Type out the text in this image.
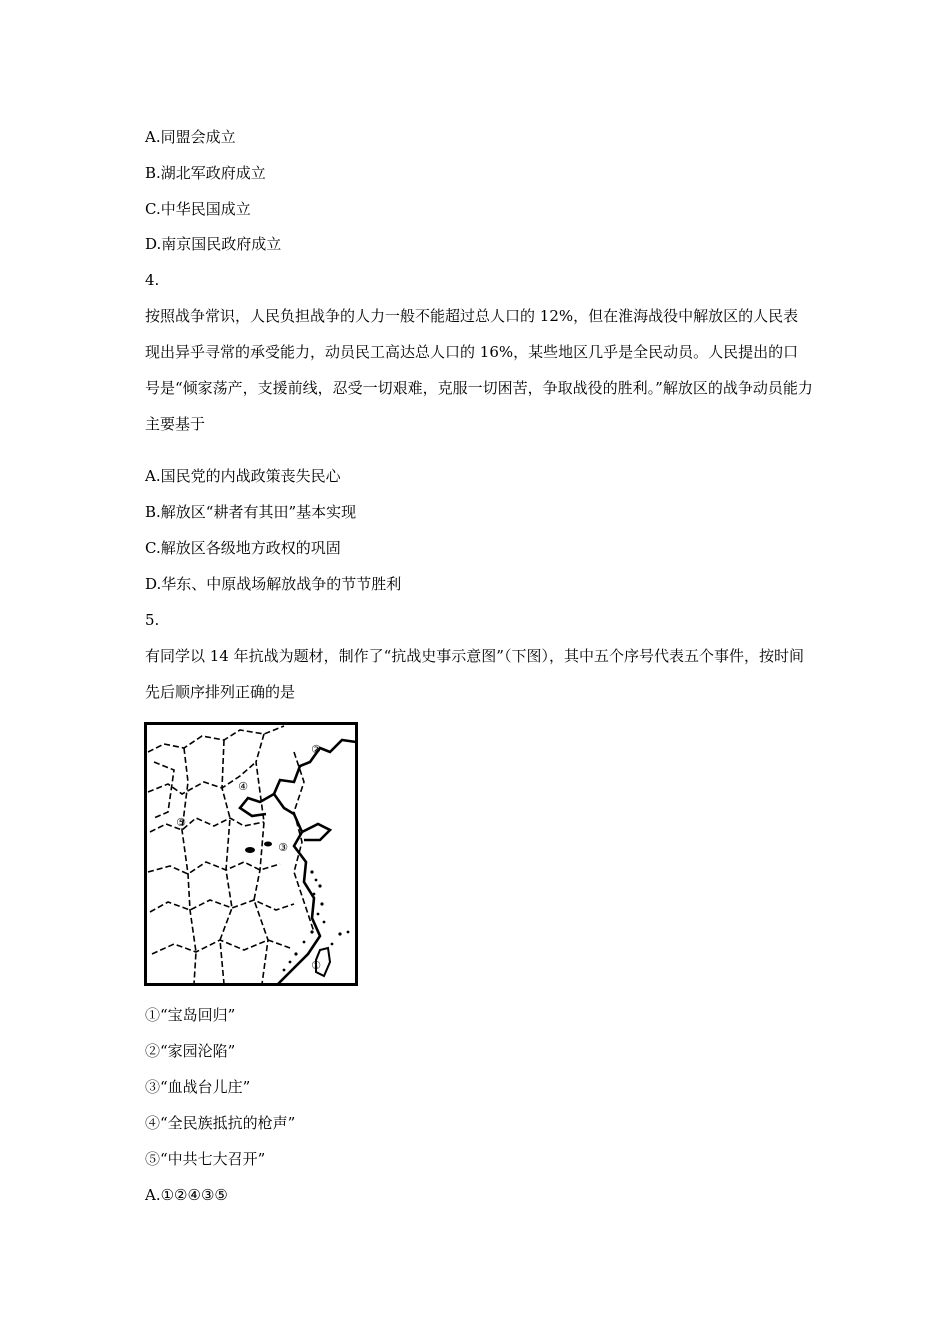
A.同盟会成立
B.湖北军政府成立
C.中华民国成立
D.南京国民政府成立
4.
按照战争常识，人民负担战争的人力一般不能超过总人口的 12%，但在淮海战役中解放区的人民表现出异乎寻常的承受能力，动员民工高达总人口的 16%，某些地区几乎是全民动员。人民提出的口号是“倾家荡产，支援前线，忍受一切艰难，克服一切困苦，争取战役的胜利。”解放区的战争动员能力主要基于
A.国民党的内战政策丧失民心
B.解放区“耕者有其田”基本实现
C.解放区各级地方政权的巩固
D.华东、中原战场解放战争的节节胜利
5.
有同学以 14 年抗战为题材，制作了“抗战史事示意图”（下图），其中五个序号代表五个事件，按时间先后顺序排列正确的是
①
②
③
④
⑤
①“宝岛回归”
②“家园沦陷”
③“血战台儿庄”
④“全民族抵抗的枪声”
⑤“中共七大召开”
A.①②④③⑤
